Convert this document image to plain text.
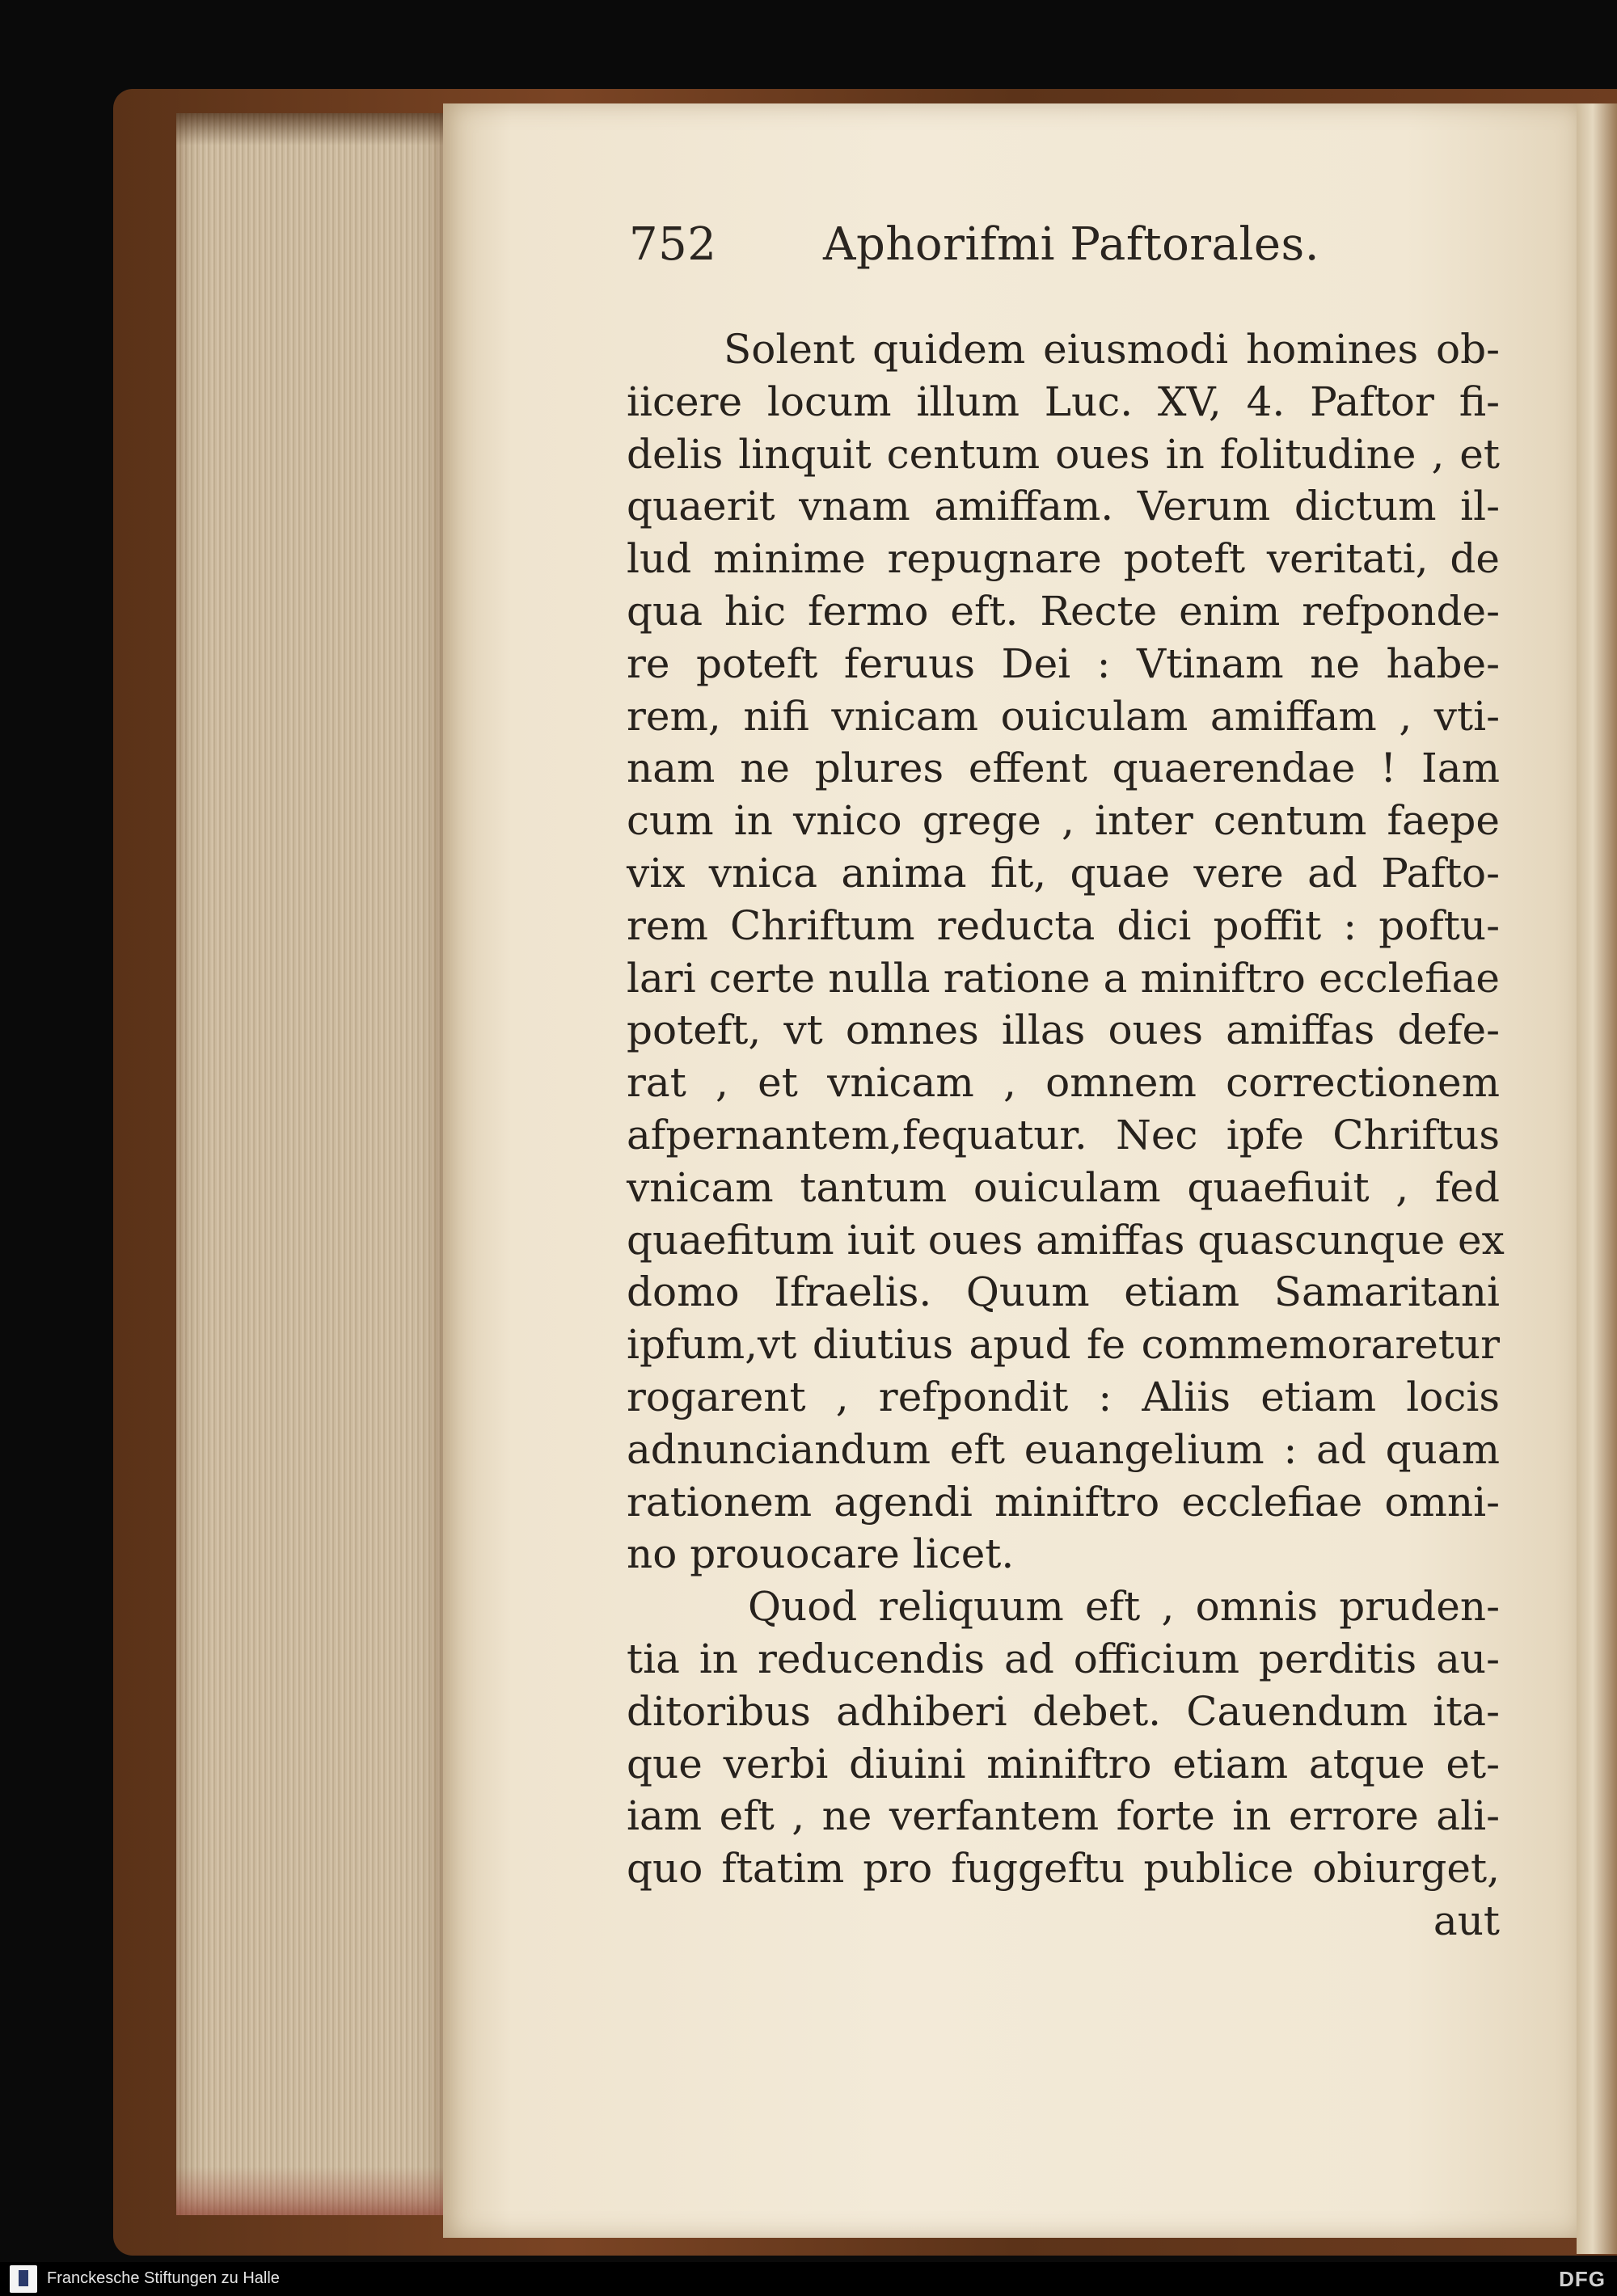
752 Aphorifmi Paftorales.
Solent quidem eiusmodi homines ob-
iicere locum illum Luc. XV, 4. Paftor fi-
delis linquit centum oues in folitudine , et
quaerit vnam amiffam. Verum dictum il-
lud minime repugnare poteft veritati, de
qua hic fermo eft. Recte enim refponde-
re poteft feruus Dei : Vtinam ne habe-
rem, nifi vnicam ouiculam amiffam , vti-
nam ne plures effent quaerendae ! Iam
cum in vnico grege , inter centum faepe
vix vnica anima fit, quae vere ad Pafto-
rem Chriftum reducta dici poffit : poftu-
lari certe nulla ratione a miniftro ecclefiae
poteft, vt omnes illas oues amiffas defe-
rat , et vnicam , omnem correctionem
afpernantem,fequatur. Nec ipfe Chriftus
vnicam tantum ouiculam quaefiuit , fed
quaefitum iuit oues amiffas quascunque ex
domo Ifraelis. Quum etiam Samaritani
ipfum,vt diutius apud fe commemoraretur
rogarent , refpondit : Aliis etiam locis
adnunciandum eft euangelium : ad quam
rationem agendi miniftro ecclefiae omni-
no prouocare licet.
Quod reliquum eft , omnis pruden-
tia in reducendis ad officium perditis au-
ditoribus adhiberi debet. Cauendum ita-
que verbi diuini miniftro etiam atque et-
iam eft , ne verfantem forte in errore ali-
quo ftatim pro fuggeftu publice obiurget,
aut
Franckesche Stiftungen zu Halle	DFG
